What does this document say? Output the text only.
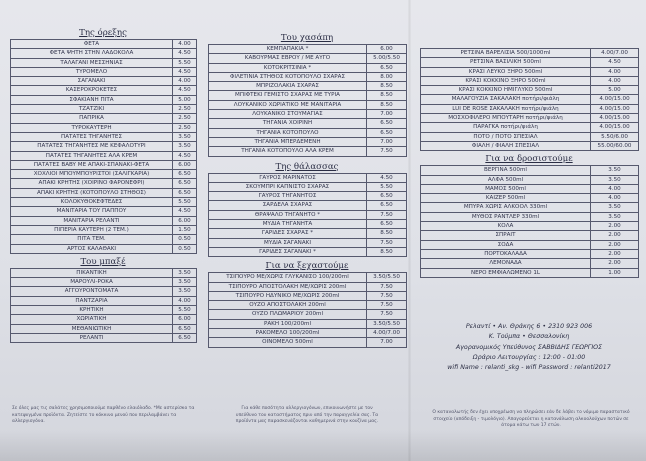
Της όρεξης
ΦΕΤΑ	4.00
ΦΕΤΑ ΨΗΤΗ ΣΤΗΝ ΛΑΔΟΚΟΛΑ	4.50
ΤΑΛΑΓΑΝΙ ΜΕΣΣΗΝΙΑΣ	5.50
ΤΥΡΟΜΕΛΟ	4.50
ΣΑΓΑΝΑΚΙ	4.00
ΚΑΣΕΡΟΚΡΟΚΕΤΕΣ	4.50
ΣΦΑΚΙΑΝΗ ΠΙΤΑ	5.00
ΤΖΑΤΖΙΚΙ	2.50
ΠΑΠΡΙΚΑ	2.50
ΤΥΡΟΚΑΥΤΕΡΗ	2.50
ΠΑΤΑΤΕΣ ΤΗΓΑΝΗΤΕΣ	3.50
ΠΑΤΑΤΕΣ ΤΗΓΑΝΗΤΕΣ ΜΕ ΚΕΦΑΛΟΤΥΡΙ	3.50
ΠΑΤΑΤΕΣ ΤΗΓΑΝΗΤΕΣ ΑΛΑ ΚΡΕΜ	4.50
ΠΑΤΑΤΕΣ BABY ΜΕ ΑΠΑΚΙ-ΣΠΑΝΑΚΙ-ΦΕΤΑ	6.00
ΧΟΧΛΙΟΙ ΜΠΟΥΜΠΟΥΡΙΣΤΟΙ (ΣΑΛΙΓΚΑΡΙΑ)	6.50
ΑΠΑΚΙ ΚΡΗΤΗΣ (ΧΟΙΡΙΝΟ ΦΑΡΟΝΕΦΡΙ)	6.50
ΑΠΑΚΙ ΚΡΗΤΗΣ (ΚΟΤΟΠΟΥΛΟ ΣΤΗΘΟΣ)	6.50
ΚΟΛΟΚΥΘΟΚΕΦΤΕΔΕΣ	5.50
ΜΑΝΙΤΑΡΙΑ ΤΟΥ ΠΑΠΠΟΥ	4.50
ΜΑΝΙΤΑΡΙΑ ΡΕΛΑΝΤΙ	6.00
ΠΙΠΕΡΙΑ ΚΑΥΤΕΡΗ (2 ΤΕΜ.)	1.50
ΠΙΤΑ ΤΕΜ.	0.50
ΑΡΤΟΣ ΚΑΛΑΘΑΚΙ	0.50
Του μπαξέ
ΠΙΚΑΝΤΙΚΗ	3.50
ΜΑΡΟΥΛΙ-ΡΟΚΑ	3.50
ΑΓΓΟΥΡΟΝΤΟΜΑΤΑ	3.50
ΠΑΝΤΖΑΡΙΑ	4.00
ΚΡΗΤΙΚΗ	5.50
ΧΩΡΙΑΤΙΚΗ	6.00
ΜΕΘΑΝΙΩΤΙΚΗ	6.50
ΡΕΛΑΝΤΙ	6.50
Του χασάπη
ΚΕΜΠΑΠΑΚΙΑ *	6.00
ΚΑΒΟΥΡΜΑΣ ΕΒΡΟΥ / ΜΕ ΑΥΓΟ	5.00/5.50
ΚΟΤΟΚΡΙΤΣΙΝΙΑ *	6.50
ΦΙΛΕΤΙΝΙΑ ΣΤΗΘΟΣ ΚΟΤΟΠΟΥΛΟ ΣΧΑΡΑΣ	8.00
ΜΠΡΙΖΟΛΑΚΙΑ ΣΧΑΡΑΣ	8.50
ΜΠΙΦΤΕΚΙ ΓΕΜΙΣΤΟ ΣΧΑΡΑΣ ΜΕ ΤΥΡΙΑ	8.50
ΛΟΥΚΑΝΙΚΟ ΧΩΡΙΑΤΙΚΟ ΜΕ ΜΑΝΙΤΑΡΙΑ	8.50
ΛΟΥΚΑΝΙΚΟ ΣΤΟΥΜΑΓΙΑΣ	7.00
ΤΗΓΑΝΙΑ ΧΟΙΡΙΝΗ	6.50
ΤΗΓΑΝΙΑ ΚΟΤΟΠΟΥΛΟ	6.50
ΤΗΓΑΝΙΑ ΜΠΕΡΔΕΜΕΝΗ	7.00
ΤΗΓΑΝΙΑ ΚΟΤΟΠΟΥΛΟ ΑΛΑ ΚΡΕΜ	7.50
Της θάλασσας
ΓΑΥΡΟΣ ΜΑΡΙΝΑΤΟΣ	4.50
ΣΚΟΥΜΠΡΙ ΚΑΠΝΙΣΤΟ ΣΧΑΡΑΣ	5.50
ΓΑΥΡΟΣ ΤΗΓΑΝΗΤΟΣ	6.50
ΣΑΡΔΕΛΑ ΣΧΑΡΑΣ	6.50
ΘΡΑΨΑΛΟ ΤΗΓΑΝΗΤΟ *	7.50
ΜΥΔΙΑ ΤΗΓΑΝΗΤΑ	6.50
ΓΑΡΙΔΕΣ ΣΧΑΡΑΣ *	8.50
ΜΥΔΙΑ ΣΑΓΑΝΑΚΙ	7.50
ΓΑΡΙΔΕΣ ΣΑΓΑΝΑΚΙ *	8.50
Για να ξεχαστούμε
ΤΣΙΠΟΥΡΟ ΜΕ/ΧΩΡΙΣ ΓΛΥΚΑΝΙΣΟ 100/200ml	3.50/5.50
ΤΣΙΠΟΥΡΟ ΑΠΟΣΤΟΛΑΚΗ ΜΕ/ΧΩΡΙΣ 200ml	7.50
ΤΣΙΠΟΥΡΟ ΗΔΥΝΙΚΟ ΜΕ/ΧΩΡΙΣ 200ml	7.50
ΟΥΖΟ ΑΠΟΣΤΟΛΑΚΗ 200ml	7.50
ΟΥΖΟ ΠΛΩΜΑΡΙΟΥ 200ml	7.50
ΡΑΚΗ 100/200ml	3.50/5.50
ΡΑΚΟΜΕΛΟ 100/200ml	4.00/7.00
ΟΙΝΟΜΕΛΟ 500ml	7.00
ΡΕΤΣΙΝΑ ΒΑΡΕΛΙΣΙΑ 500/1000ml	4.00/7.00
ΡΕΤΣΙΝΑ ΒΑΣΙΛΙΚΗ 500ml	4.50
ΚΡΑΣΙ ΛΕΥΚΟ ΞΗΡΟ 500ml	4.00
ΚΡΑΣΙ ΚΟΚΚΙΝΟ ΞΗΡΟ 500ml	4.00
ΚΡΑΣΙ ΚΟΚΚΙΝΟ ΗΜΙΓΛΥΚΟ 500ml	5.00
ΜΑΛΑΓΟΥΖΙΑ ΣΑΚΑΛΑΚΗ ποτήρι/φιάλη	4.00/15.00
LUI DE ROSE ΣΑΚΑΛΑΚΗ ποτήρι/φιάλη	4.00/15.00
ΜΟΣΧΟΦΙΛΕΡΟ ΜΠΟΥΤΑΡΗ ποτήρι/φιάλη	4.00/15.00
ΠΑΡΑΓΚΑ ποτήρι/φιάλη	4.00/15.00
ΠΟΤΟ / ΠΟΤΟ ΣΠΕΣΙΑΛ	5.50/6.00
ΦΙΑΛΗ / ΦΙΑΛΗ ΣΠΕΣΙΑΛ	55.00/60.00
Για να δροσιστούμε
ΒΕΡΓΙΝΑ 500ml	3.50
ΑΛΦΑ 500ml	3.50
ΜΑΜΟΣ 500ml	4.00
ΚΑΙΖΕΡ 500ml	4.00
ΜΠΥΡΑ ΧΩΡΙΣ ΑΛΚΟΟΛ 330ml	3.50
ΜΥΘΟΣ ΡΑΝΤΛΕΡ 330ml	3.50
ΚΟΛΑ	2.00
ΣΠΡΑΙΤ	2.00
ΣΟΔΑ	2.00
ΠΟΡΤΟΚΑΛΑΔΑ	2.00
ΛΕΜΟΝΑΔΑ	2.00
ΝΕΡΟ ΕΜΦΙΑΛΩΜΕΝΟ 1L	1.00
Ρελαντί • Αν. Θράκης 6 • 2310 923 006
Κ. Τούμπα • Θεσσαλονίκη
Αγορανομικός Υπεύθυνος ΣΑΒΒΙΔΗΣ ΓΕΩΡΓΙΟΣ
Ωράριο Λειτουργίας : 12:00 - 01:00
wifi Name : relanti_skg - wifi Password : relanti2017
Σε όλες μας τις σαλάτες χρησιμοποιούμε παρθένο ελαιόλαδο. *Με αστερίσκο τα κατεψυγμένα προϊόντα. Ζητείστε το κόκκινο μενού που περιλαμβάνει τα αλλεργιογόνα.
Για κάθε ποσότητα αλλεργιογόνων, επικοινωνήστε με τον υπεύθυνο του καταστήματος πριν από την παραγγελία σας. Τα προϊόντα μας παρασκευάζονται καθημερινά στην κουζίνα μας.
Ο καταναλωτής δεν έχει υποχρέωση να πληρώσει εάν δε λάβει το νόμιμο παραστατικό στοιχείο (απόδειξη - τιμολόγιο). Απαγορεύεται η κατανάλωση αλκοολούχων ποτών σε άτομα κάτω των 17 ετών.
